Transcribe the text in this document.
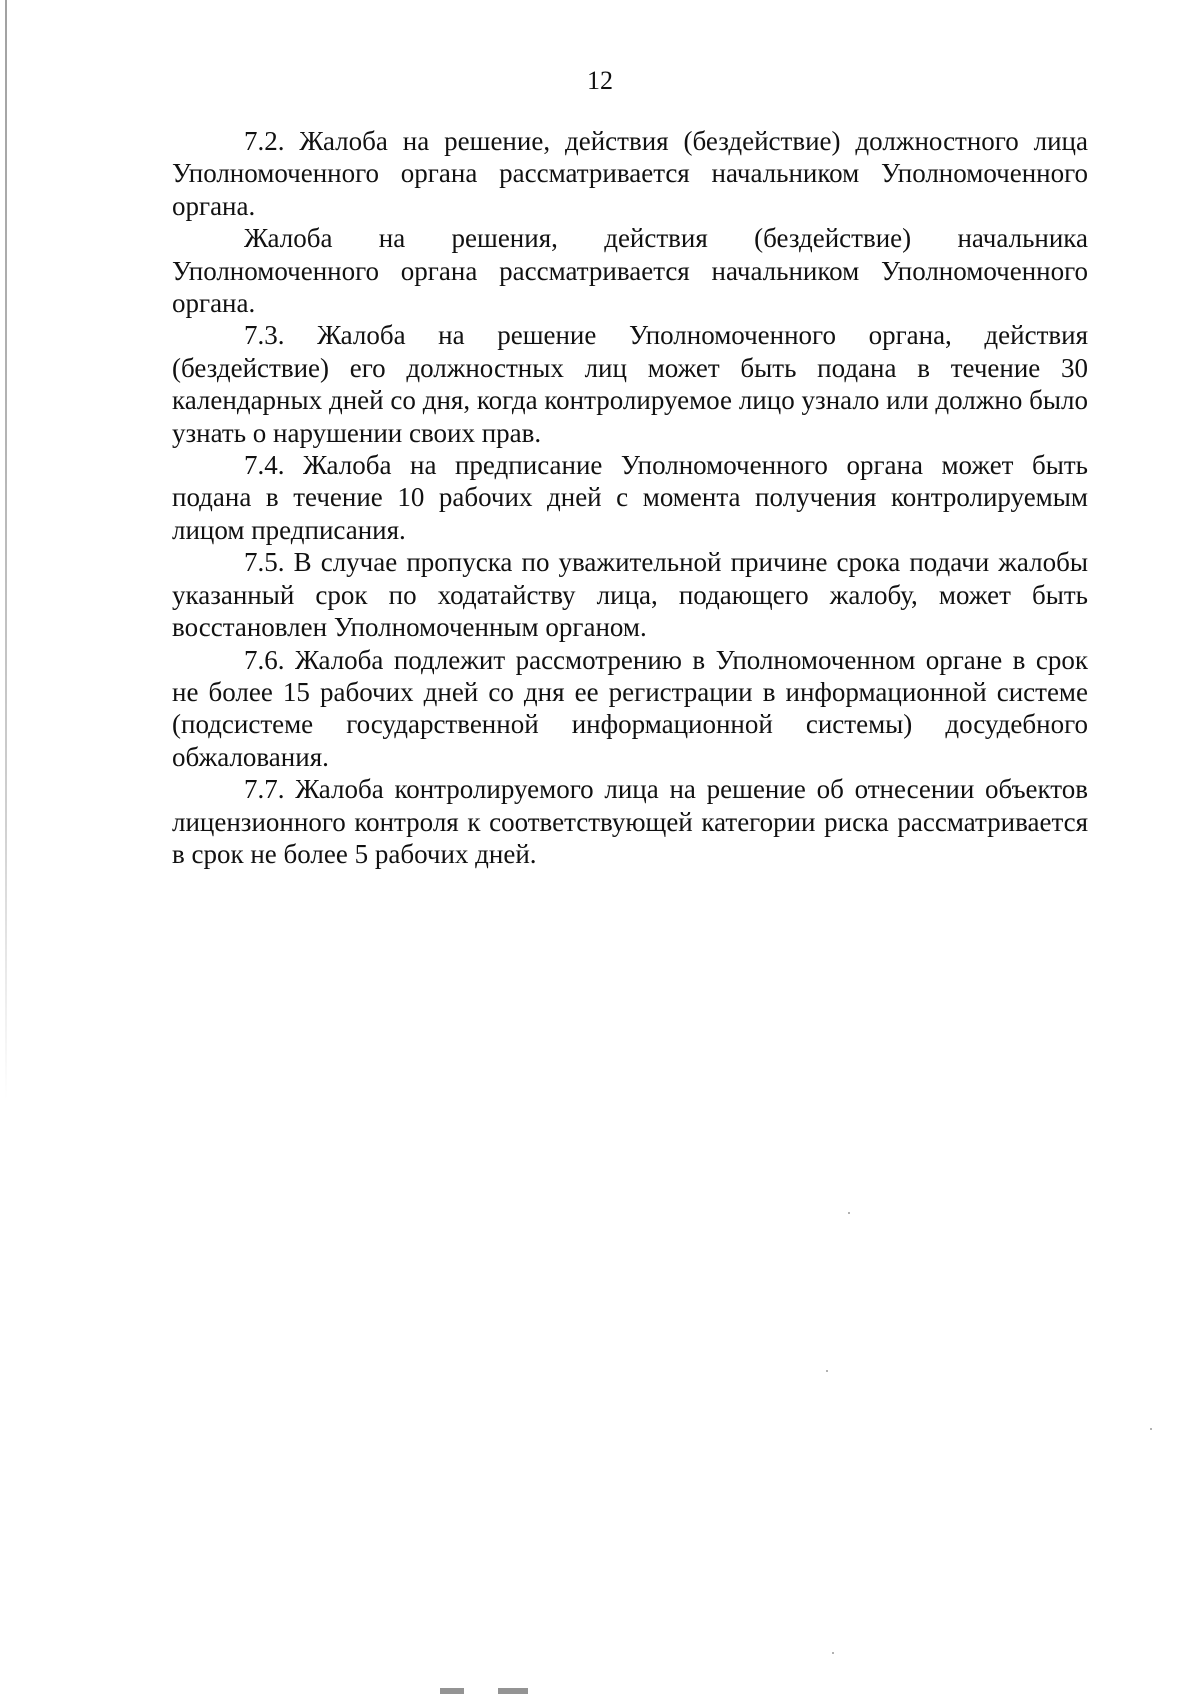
12

7.2. Жалоба на решение, действия (бездействие) должностного лица Уполномоченного органа рассматривается начальником Уполномоченного органа.

Жалоба на решения, действия (бездействие) начальника Уполномоченного органа рассматривается начальником Уполномоченного органа.

7.3. Жалоба на решение Уполномоченного органа, действия (бездействие) его должностных лиц может быть подана в течение 30 календарных дней со дня, когда контролируемое лицо узнало или должно было узнать о нарушении своих прав.

7.4. Жалоба на предписание Уполномоченного органа может быть подана в течение 10 рабочих дней с момента получения контролируемым лицом предписания.

7.5. В случае пропуска по уважительной причине срока подачи жалобы указанный срок по ходатайству лица, подающего жалобу, может быть восстановлен Уполномоченным органом.

7.6. Жалоба подлежит рассмотрению в Уполномоченном органе в срок не более 15 рабочих дней со дня ее регистрации в информационной системе (подсистеме государственной информационной системы) досудебного обжалования.

7.7. Жалоба контролируемого лица на решение об отнесении объектов лицензионного контроля к соответствующей категории риска рассматривается в срок не более 5 рабочих дней.
